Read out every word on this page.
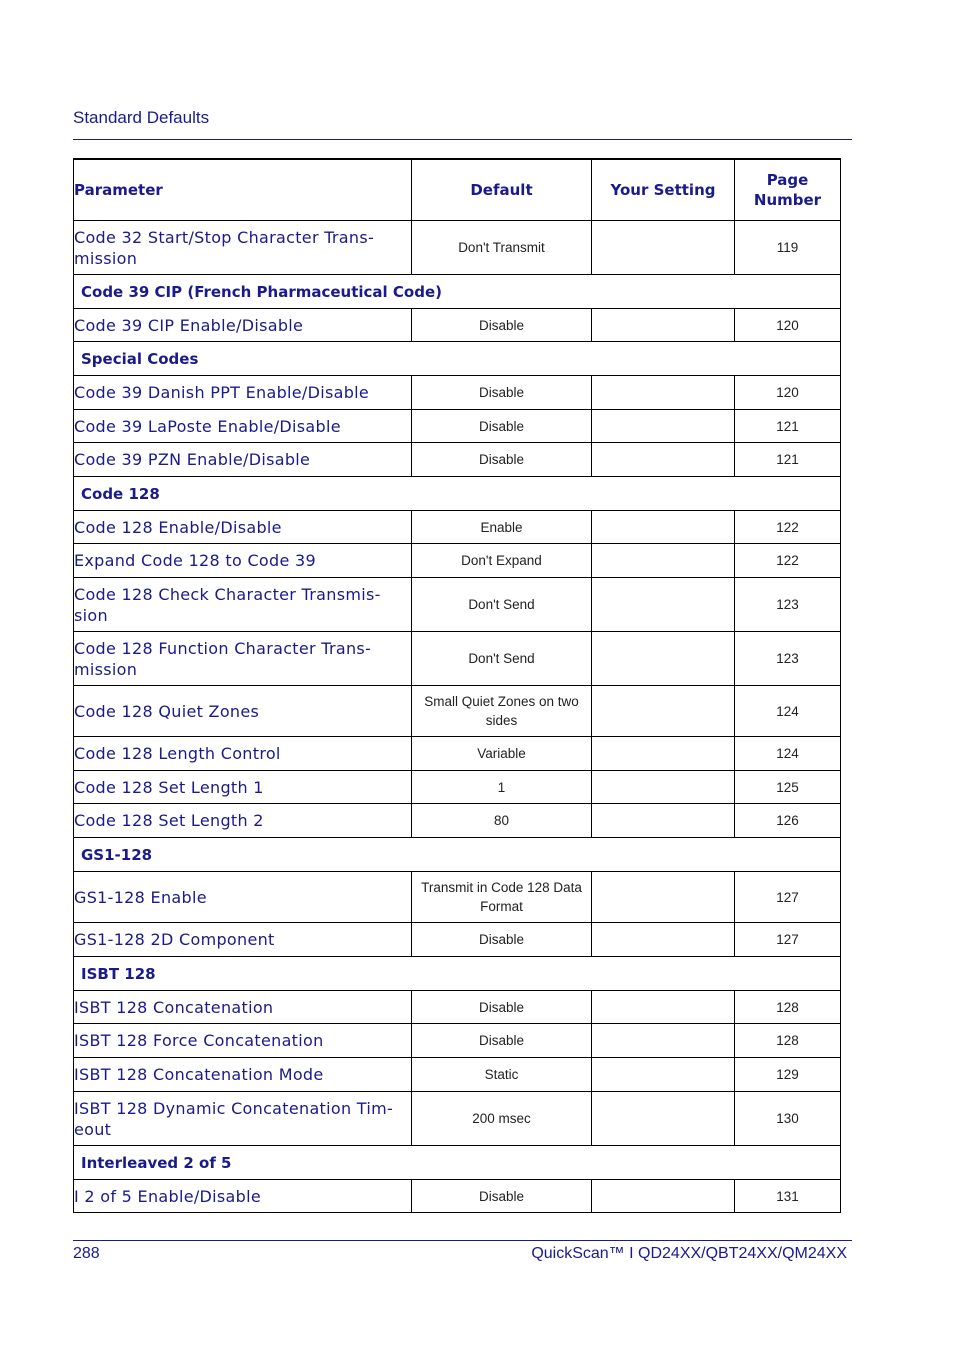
Standard Defaults
Parameter	Default	Your Setting	Page
Number
Code 32 Start/Stop Character Trans-
mission	Don't Transmit		119
Code 39 CIP (French Pharmaceutical Code)			
Code 39 CIP Enable/Disable	Disable		120
Special Codes			
Code 39 Danish PPT Enable/Disable	Disable		120
Code 39 LaPoste Enable/Disable	Disable		121
Code 39 PZN Enable/Disable	Disable		121
Code 128			
Code 128 Enable/Disable	Enable		122
Expand Code 128 to Code 39	Don't Expand		122
Code 128 Check Character Transmis-
sion	Don't Send		123
Code 128 Function Character Trans-
mission	Don't Send		123
Code 128 Quiet Zones	Small Quiet Zones on two
sides		124
Code 128 Length Control	Variable		124
Code 128 Set Length 1	1		125
Code 128 Set Length 2	80		126
GS1-128			
GS1-128 Enable	Transmit in Code 128 Data
Format		127
GS1-128 2D Component	Disable		127
ISBT 128			
ISBT 128 Concatenation	Disable		128
ISBT 128 Force Concatenation	Disable		128
ISBT 128 Concatenation Mode	Static		129
ISBT 128 Dynamic Concatenation Tim-
eout	200 msec		130
Interleaved 2 of 5			
I 2 of 5 Enable/Disable	Disable		131
288	QuickScan™ I QD24XX/QBT24XX/QM24XX
